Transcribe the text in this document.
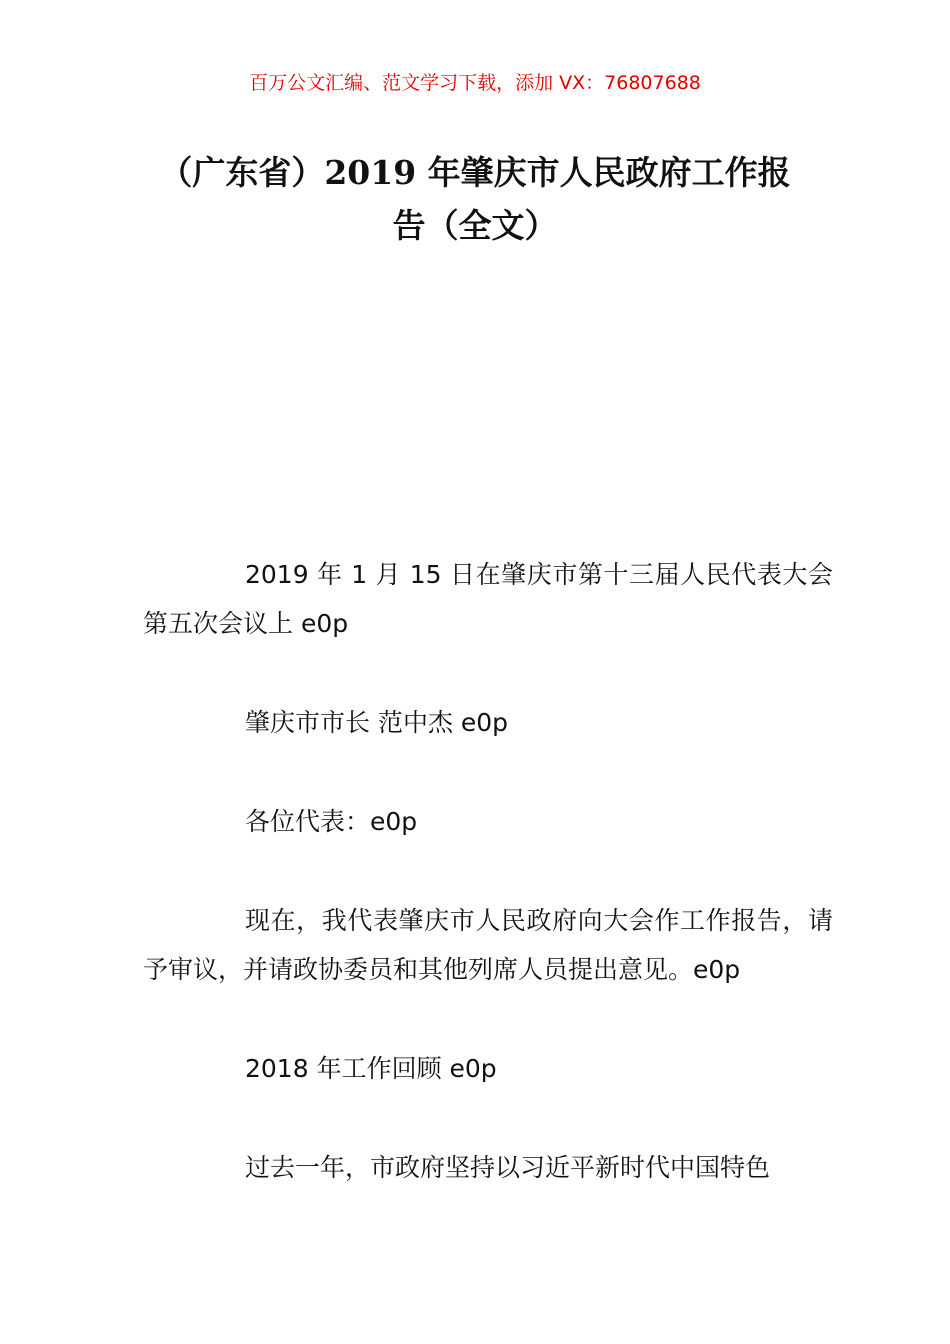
百万公文汇编、范文学习下载，添加 VX：76807688
（广东省）2019 年肇庆市人民政府工作报
告（全文）

2019 年 1 月 15 日在肇庆市第十三届人民代表大会第五次会议上 e0p

肇庆市市长 范中杰 e0p

各位代表：e0p

现在，我代表肇庆市人民政府向大会作工作报告，请予审议，并请政协委员和其他列席人员提出意见。e0p

2018 年工作回顾 e0p

过去一年，市政府坚持以习近平新时代中国特色
